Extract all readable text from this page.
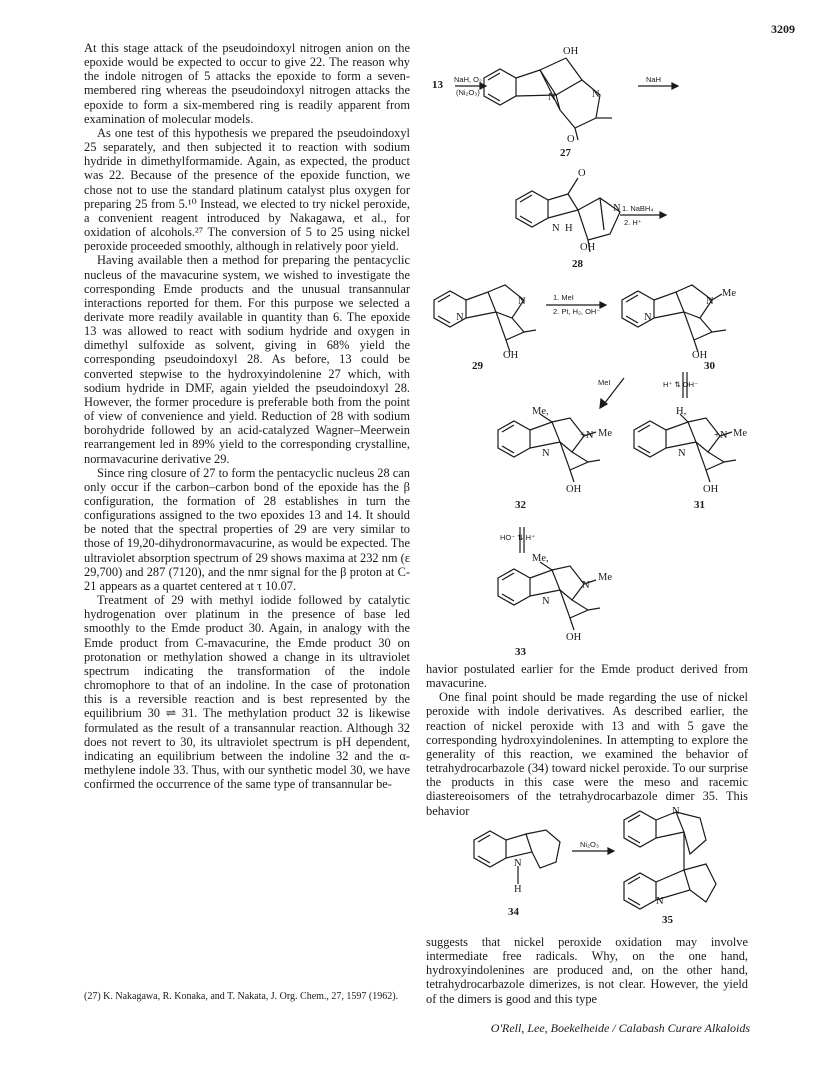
3209

At this stage attack of the pseudoindoxyl nitrogen anion on the epoxide would be expected to occur to give 22. The reason why the indole nitrogen of 5 attacks the epoxide to form a seven-membered ring whereas the pseudoindoxyl nitrogen attacks the epoxide to form a six-membered ring is readily apparent from examination of molecular models.

As one test of this hypothesis we prepared the pseudoindoxyl 25 separately, and then subjected it to reaction with sodium hydride in dimethylformamide. Again, as expected, the product was 22. Because of the presence of the epoxide function, we chose not to use the standard platinum catalyst plus oxygen for preparing 25 from 5.¹⁰ Instead, we elected to try nickel peroxide, a convenient reagent introduced by Nakagawa, et al., for oxidation of alcohols.²⁷ The conversion of 5 to 25 using nickel peroxide proceeded smoothly, although in relatively poor yield.

Having available then a method for preparing the pentacyclic nucleus of the mavacurine system, we wished to investigate the corresponding Emde products and the unusual transannular interactions reported for them. For this purpose we selected a derivate more readily available in quantity than 6. The epoxide 13 was allowed to react with sodium hydride and oxygen in dimethyl sulfoxide as solvent, giving in 68% yield the corresponding pseudoindoxyl 28. As before, 13 could be converted stepwise to the hydroxyindolenine 27 which, with sodium hydride in DMF, again yielded the pseudoindoxyl 28. However, the former procedure is preferable both from the point of view of convenience and yield. Reduction of 28 with sodium borohydride followed by an acid-catalyzed Wagner–Meerwein rearrangement led in 89% yield to the corresponding crystalline, normavacurine derivative 29.

Since ring closure of 27 to form the pentacyclic nucleus 28 can only occur if the carbon–carbon bond of the epoxide has the β configuration, the formation of 28 establishes in turn the configurations assigned to the two epoxides 13 and 14. It should be noted that the spectral properties of 29 are very similar to those of 19,20-dihydronormavacurine, as would be expected. The ultraviolet absorption spectrum of 29 shows maxima at 232 nm (ε 29,700) and 287 (7120), and the nmr signal for the β proton at C-21 appears as a quartet centered at τ 10.07.

Treatment of 29 with methyl iodide followed by catalytic hydrogenation over platinum in the presence of base led smoothly to the Emde product 30. Again, in analogy with the Emde product from C-mavacurine, the Emde product 30 on protonation or methylation showed a change in its ultraviolet spectrum indicating the transformation of the indole chromophore to that of an indoline. In the case of protonation this is a reversible reaction and is best represented by the equilibrium 30 ⇌ 31. The methylation product 32 is likewise formulated as the result of a transannular reaction. Although 32 does not revert to 30, its ultraviolet spectrum is pH dependent, indicating an equilibrium between the indoline 32 and the α-methylene indole 33. Thus, with our synthetic model 30, we have confirmed the occurrence of the same type of transannular be-

(27) K. Nakagawa, R. Konaka, and T. Nakata, J. Org. Chem., 27, 1597 (1962).

havior postulated earlier for the Emde product derived from mavacurine.

One final point should be made regarding the use of nickel peroxide with indole derivatives. As described earlier, the reaction of nickel peroxide with 13 and with 5 gave the corresponding hydroxyindolenines. In attempting to explore the generality of this reaction, we examined the behavior of tetrahydrocarbazole (34) toward nickel peroxide. To our surprise the products in this case were the meso and racemic diastereoisomers of the tetrahydrocarbazole dimer 35. This behavior

suggests that nickel peroxide oxidation may involve intermediate free radicals. Why, on the one hand, hydroxyindolenines are produced and, on the other hand, tetrahydrocarbazole dimerizes, is not clear. However, the yield of the dimers is good and this type

O'Rell, Lee, Boekelheide / Calabash Curare Alkaloids
13 NaH, O₂
(Ni₂O₃)
OH
N	N
O
27
NaH
O
N H
N
OH
28
1. NaBH₄
2. H⁺
N
N
OH
29
1. MeI
2. Pt, H₂, OH⁻
N
N
Me
OH
30
MeI	H⁺ ⇅ OH⁻
Me,
+N Me
N
OH
32
H,
+N Me
N
OH
31
HO⁻ ⇅ H⁺
Me,
N
Me
N
OH
33
N
H
34
Ni₂O₃
N
N
35
